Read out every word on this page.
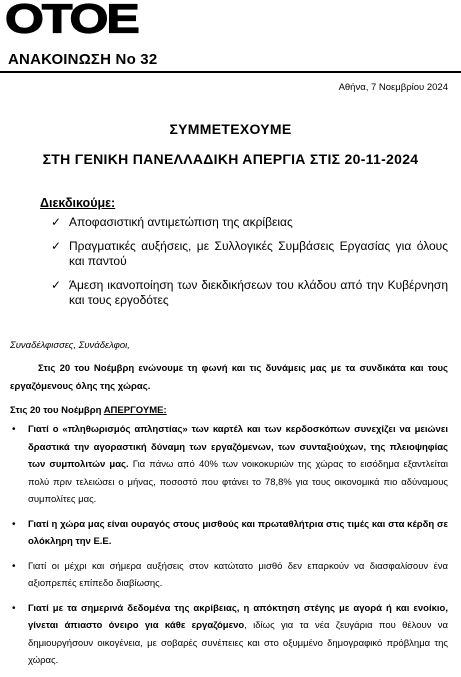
ΟΤΟΕ
ΑΝΑΚΟΙΝΩΣΗ No 32
Αθήνα, 7 Νοεμβρίου 2024
ΣΥΜΜΕΤΕΧΟΥΜΕ
ΣΤΗ ΓΕΝΙΚΗ ΠΑΝΕΛΛΑΔΙΚΗ ΑΠΕΡΓΙΑ ΣΤΙΣ 20-11-2024
Διεκδικούμε:
✓ Αποφασιστική αντιμετώπιση της ακρίβειας
✓ Πραγματικές αυξήσεις, με Συλλογικές Συμβάσεις Εργασίας για όλους και παντού
✓ Άμεση ικανοποίηση των διεκδικήσεων του κλάδου από την Κυβέρνηση και τους εργοδότες
Συναδέλφισσες, Συνάδελφοι,
Στις 20 του Νοέμβρη ενώνουμε τη φωνή και τις δυνάμεις μας με τα συνδικάτα και τους εργαζόμενους όλης της χώρας.
Στις 20 του Νοέμβρη ΑΠΕΡΓΟΥΜΕ:
• Γιατί ο «πληθωρισμός απληστίας» των καρτέλ και των κερδοσκόπων συνεχίζει να μειώνει δραστικά την αγοραστική δύναμη των εργαζόμενων, των συνταξιούχων, της πλειοψηφίας των συμπολιτών μας. Για πάνω από 40% των νοικοκυριών της χώρας το εισόδημα εξαντλείται πολύ πριν τελειώσει ο μήνας, ποσοστό που φτάνει το 78,8% για τους οικονομικά πιο αδύναμους συμπολίτες μας.
• Γιατί η χώρα μας είναι ουραγός στους μισθούς και πρωταθλήτρια στις τιμές και στα κέρδη σε ολόκληρη την Ε.Ε.
• Γιατί οι μέχρι και σήμερα αυξήσεις στον κατώτατο μισθό δεν επαρκούν να διασφαλίσουν ένα αξιοπρεπές επίπεδο διαβίωσης.
• Γιατί με τα σημερινά δεδομένα της ακρίβειας, η απόκτηση στέγης με αγορά ή και ενοίκιο, γίνεται άπιαστο όνειρο για κάθε εργαζόμενο, ιδίως για τα νέα ζευγάρια που θέλουν να δημιουργήσουν οικογένεια, με σοβαρές συνέπειες και στο οξυμμένο δημογραφικό πρόβλημα της χώρας.
